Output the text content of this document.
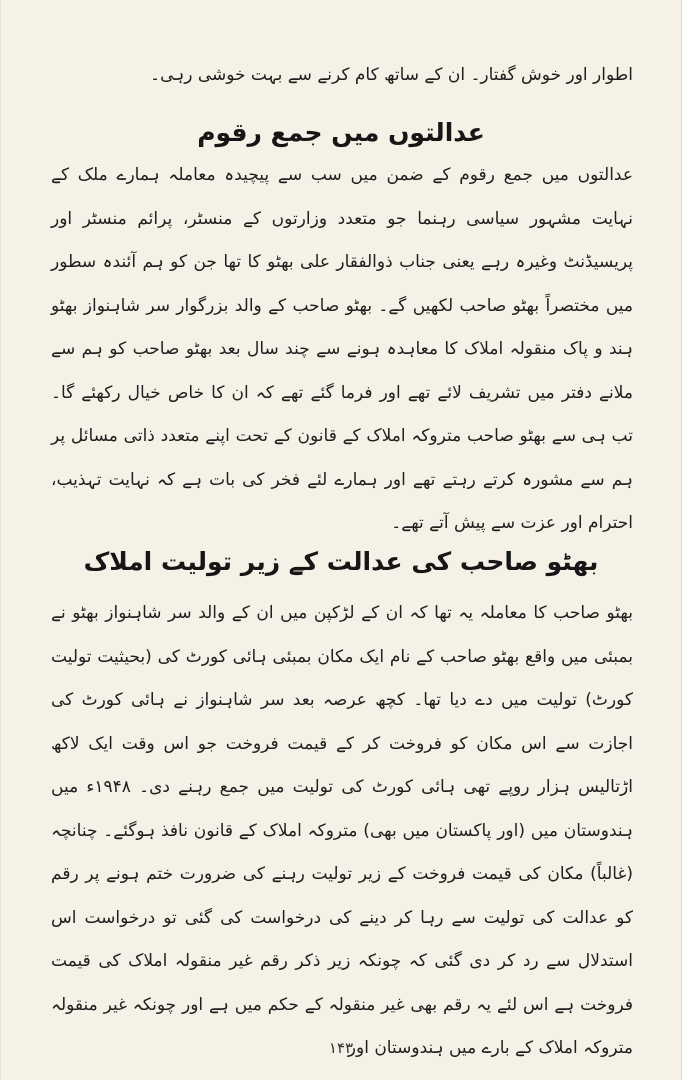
اطوار اور خوش گفتار۔ ان کے ساتھ کام کرنے سے بہت خوشی رہی۔
عدالتوں میں جمع رقوم
عدالتوں میں جمع رقوم کے ضمن میں سب سے پیچیدہ معاملہ ہمارے ملک کے نہایت مشہور سیاسی رہنما جو متعدد وزارتوں کے منسٹر، پرائم منسٹر اور پریسیڈنٹ وغیرہ رہے یعنی جناب ذوالفقار علی بھٹو کا تھا جن کو ہم آئندہ سطور میں مختصراً بھٹو صاحب لکھیں گے۔ بھٹو صاحب کے والد بزرگوار سر شاہنواز بھٹو ہند و پاک منقولہ املاک کا معاہدہ ہونے سے چند سال بعد بھٹو صاحب کو ہم سے ملانے دفتر میں تشریف لائے تھے اور فرما گئے تھے کہ ان کا خاص خیال رکھئے گا۔ تب ہی سے بھٹو صاحب متروکہ املاک کے قانون کے تحت اپنے متعدد ذاتی مسائل پر ہم سے مشورہ کرتے رہتے تھے اور ہمارے لئے فخر کی بات ہے کہ نہایت تہذیب، احترام اور عزت سے پیش آتے تھے۔
بھٹو صاحب کی عدالت کے زیر تولیت املاک
بھٹو صاحب کا معاملہ یہ تھا کہ ان کے لڑکپن میں ان کے والد سر شاہنواز بھٹو نے بمبئی میں واقع بھٹو صاحب کے نام ایک مکان بمبئی ہائی کورٹ کی (بحیثیت تولیت کورٹ) تولیت میں دے دیا تھا۔ کچھ عرصہ بعد سر شاہنواز نے ہائی کورٹ کی اجازت سے اس مکان کو فروخت کر کے قیمت فروخت جو اس وقت ایک لاکھ اڑتالیس ہزار روپے تھی ہائی کورٹ کی تولیت میں جمع رہنے دی۔ ۱۹۴۸ء میں ہندوستان میں (اور پاکستان میں بھی) متروکہ املاک کے قانون نافذ ہوگئے۔ چنانچہ (غالباً) مکان کی قیمت فروخت کے زیر تولیت رہنے کی ضرورت ختم ہونے پر رقم کو عدالت کی تولیت سے رہا کر دینے کی درخواست کی گئی تو درخواست اس استدلال سے رد کر دی گئی کہ چونکہ زیر ذکر رقم غیر منقولہ املاک کی قیمت فروخت ہے اس لئے یہ رقم بھی غیر منقولہ کے حکم میں ہے اور چونکہ غیر منقولہ متروکہ املاک کے بارے میں ہندوستان اور
۱۴۳
